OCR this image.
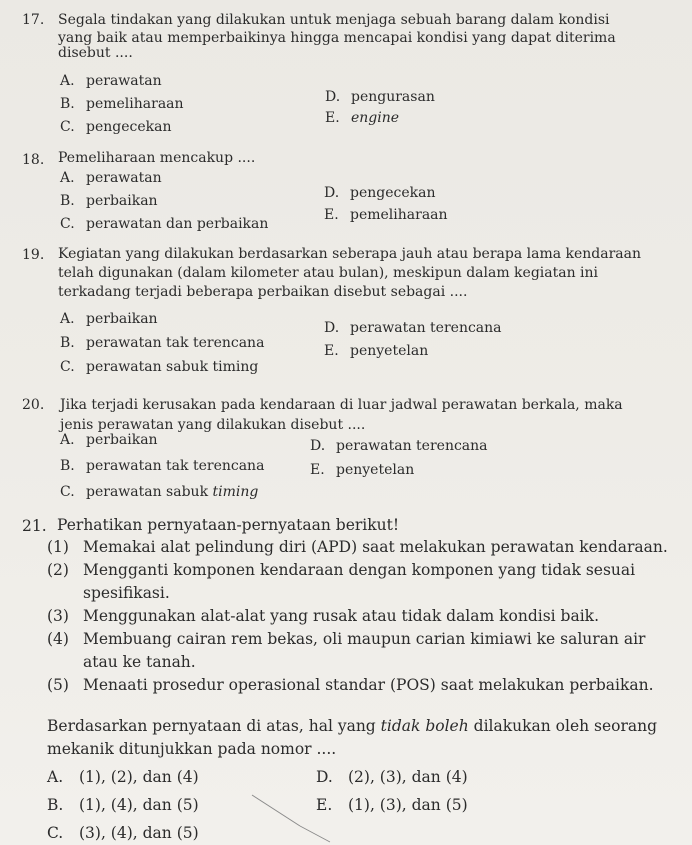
17. Segala tindakan yang dilakukan untuk menjaga sebuah barang dalam kondisi
yang baik atau memperbaikinya hingga mencapai kondisi yang dapat diterima
disebut ....
A. perawatan
B. pemeliharaan
C. pengecekan
D. pengurasan
E. engine
18. Pemeliharaan mencakup ....
A. perawatan
B. perbaikan
C. perawatan dan perbaikan
D. pengecekan
E. pemeliharaan
19. Kegiatan yang dilakukan berdasarkan seberapa jauh atau berapa lama kendaraan
telah digunakan (dalam kilometer atau bulan), meskipun dalam kegiatan ini
terkadang terjadi beberapa perbaikan disebut sebagai ....
A. perbaikan
B. perawatan tak terencana
C. perawatan sabuk timing
D. perawatan terencana
E. penyetelan
20. Jika terjadi kerusakan pada kendaraan di luar jadwal perawatan berkala, maka
jenis perawatan yang dilakukan disebut ....
A. perbaikan
B. perawatan tak terencana
C. perawatan sabuk timing
D. perawatan terencana
E. penyetelan
21. Perhatikan pernyataan-pernyataan berikut!
(1) Memakai alat pelindung diri (APD) saat melakukan perawatan kendaraan.
(2) Mengganti komponen kendaraan dengan komponen yang tidak sesuai
spesifikasi.
(3) Menggunakan alat-alat yang rusak atau tidak dalam kondisi baik.
(4) Membuang cairan rem bekas, oli maupun carian kimiawi ke saluran air
atau ke tanah.
(5) Menaati prosedur operasional standar (POS) saat melakukan perbaikan.
Berdasarkan pernyataan di atas, hal yang tidak boleh dilakukan oleh seorang
mekanik ditunjukkan pada nomor ....
A. (1), (2), dan (4)
B. (1), (4), dan (5)
C. (3), (4), dan (5)
D. (2), (3), dan (4)
E. (1), (3), dan (5)
